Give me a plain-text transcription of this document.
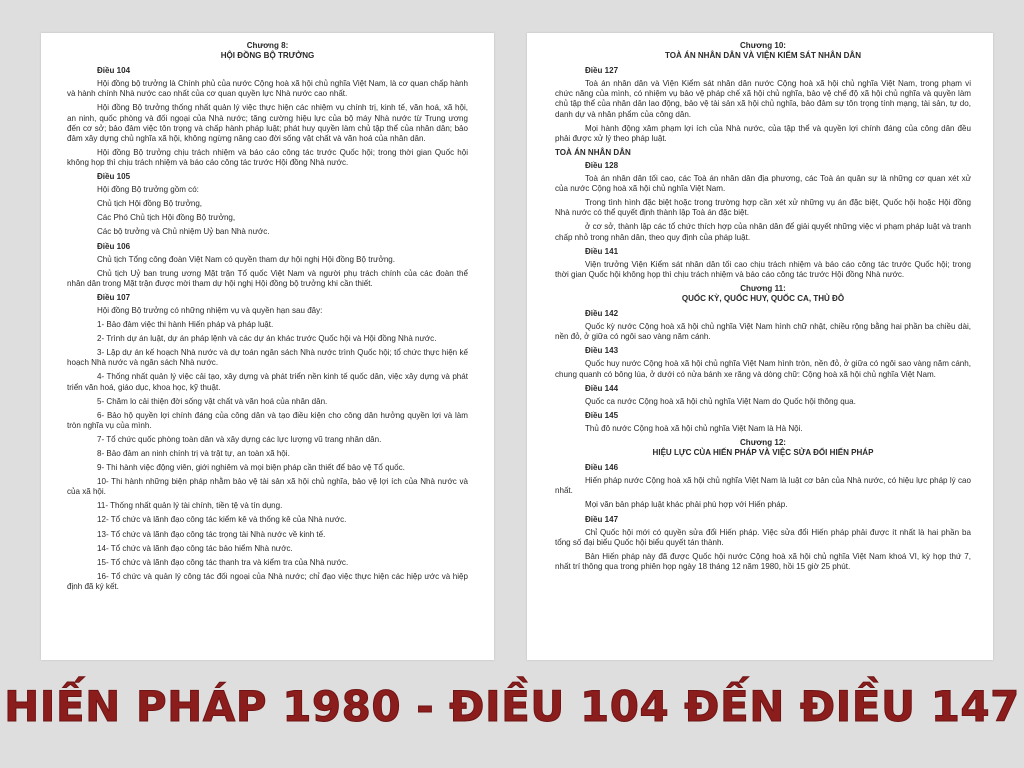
Chương 8:
HỘI ĐỒNG BỘ TRƯỞNG
Điều 104
Hội đồng bộ trưởng là Chính phủ của nước Cộng hoà xã hội chủ nghĩa Việt Nam, là cơ quan chấp hành và hành chính Nhà nước cao nhất của cơ quan quyền lực Nhà nước cao nhất.
Hội đồng Bộ trưởng thống nhất quản lý việc thực hiện các nhiệm vụ chính trị, kinh tế, văn hoá, xã hội, an ninh, quốc phòng và đối ngoại của Nhà nước; tăng cường hiệu lực của bộ máy Nhà nước từ Trung ương đến cơ sở; bảo đảm việc tôn trọng và chấp hành pháp luật; phát huy quyền làm chủ tập thể của nhân dân; bảo đảm xây dựng chủ nghĩa xã hội, không ngừng nâng cao đời sống vật chất và văn hoá của nhân dân.
Hội đồng Bộ trưởng chịu trách nhiệm và báo cáo công tác trước Quốc hội; trong thời gian Quốc hội không họp thì chịu trách nhiệm và báo cáo công tác trước Hội đồng Nhà nước.
Điều 105
Hội đồng Bộ trưởng gồm có:
Chủ tịch Hội đồng Bộ trưởng,
Các Phó Chủ tịch Hội đồng Bộ trưởng,
Các bộ trưởng và Chủ nhiệm Uỷ ban Nhà nước.
Điều 106
Chủ tịch Tổng công đoàn Việt Nam có quyền tham dự hội nghị Hội đồng Bộ trưởng.
Chủ tịch Uỷ ban trung ương Mặt trận Tổ quốc Việt Nam và người phụ trách chính của các đoàn thể nhân dân trong Mặt trận được mời tham dự hội nghị Hội đồng bộ trưởng khi cần thiết.
Điều 107
Hội đồng Bộ trưởng có những nhiệm vụ và quyền hạn sau đây:
1- Bảo đảm việc thi hành Hiến pháp và pháp luật.
2- Trình dự án luật, dự án pháp lệnh và các dự án khác trước Quốc hội và Hội đồng Nhà nước.
3- Lập dự án kế hoạch Nhà nước và dự toán ngân sách Nhà nước trình Quốc hội; tổ chức thực hiện kế hoạch Nhà nước và ngân sách Nhà nước.
4- Thống nhất quản lý việc cải tạo, xây dựng và phát triển nền kinh tế quốc dân, việc xây dựng và phát triển văn hoá, giáo dục, khoa học, kỹ thuật.
5- Chăm lo cải thiện đời sống vật chất và văn hoá của nhân dân.
6- Bảo hộ quyền lợi chính đáng của công dân và tạo điều kiện cho công dân hưởng quyền lợi và làm tròn nghĩa vụ của mình.
7- Tổ chức quốc phòng toàn dân và xây dựng các lực lượng vũ trang nhân dân.
8- Bảo đảm an ninh chính trị và trật tự, an toàn xã hội.
9- Thi hành việc động viên, giới nghiêm và mọi biện pháp cần thiết để bảo vệ Tổ quốc.
10- Thi hành những biện pháp nhằm bảo vệ tài sản xã hội chủ nghĩa, bảo vệ lợi ích của Nhà nước và của xã hội.
11- Thống nhất quản lý tài chính, tiền tệ và tín dụng.
12- Tổ chức và lãnh đạo công tác kiểm kê và thống kê của Nhà nước.
13- Tổ chức và lãnh đạo công tác trọng tài Nhà nước về kinh tế.
14- Tổ chức và lãnh đạo công tác bảo hiểm Nhà nước.
15- Tổ chức và lãnh đạo công tác thanh tra và kiểm tra của Nhà nước.
16- Tổ chức và quản lý công tác đối ngoại của Nhà nước; chỉ đạo việc thực hiện các hiệp ước và hiệp định đã ký kết.
Chương 10:
TOÀ ÁN NHÂN DÂN VÀ VIỆN KIỂM SÁT NHÂN DÂN
Điều 127
Toà án nhân dân và Viện Kiểm sát nhân dân nước Cộng hoà xã hội chủ nghĩa Việt Nam, trong phạm vi chức năng của mình, có nhiệm vụ bảo vệ pháp chế xã hội chủ nghĩa, bảo vệ chế độ xã hội chủ nghĩa và quyền làm chủ tập thể của nhân dân lao động, bảo vệ tài sản xã hội chủ nghĩa, bảo đảm sự tôn trọng tính mạng, tài sản, tự do, danh dự và nhân phẩm của công dân.
Mọi hành động xâm phạm lợi ích của Nhà nước, của tập thể và quyền lợi chính đáng của công dân đều phải được xử lý theo pháp luật.
TOÀ ÁN NHÂN DÂN
Điều 128
Toà án nhân dân tối cao, các Toà án nhân dân địa phương, các Toà án quân sự là những cơ quan xét xử của nước Cộng hoà xã hội chủ nghĩa Việt Nam.
Trong tình hình đặc biệt hoặc trong trường hợp cần xét xử những vụ án đặc biệt, Quốc hội hoặc Hội đồng Nhà nước có thể quyết định thành lập Toà án đặc biệt.
ở cơ sở, thành lập các tổ chức thích hợp của nhân dân để giải quyết những việc vi phạm pháp luật và tranh chấp nhỏ trong nhân dân, theo quy định của pháp luật.
Điều 141
Viện trưởng Viện Kiểm sát nhân dân tối cao chịu trách nhiệm và báo cáo công tác trước Quốc hội; trong thời gian Quốc hội không họp thì chịu trách nhiệm và báo cáo công tác trước Hội đồng Nhà nước.
Chương 11:
QUỐC KỲ, QUỐC HUY, QUỐC CA, THỦ ĐÔ
Điều 142
Quốc kỳ nước Cộng hoà xã hội chủ nghĩa Việt Nam hình chữ nhật, chiều rộng bằng hai phần ba chiều dài, nền đỏ, ở giữa có ngôi sao vàng năm cánh.
Điều 143
Quốc huy nước Cộng hoà xã hội chủ nghĩa Việt Nam hình tròn, nền đỏ, ở giữa có ngôi sao vàng năm cánh, chung quanh có bông lúa, ở dưới có nửa bánh xe răng và dòng chữ: Cộng hoà xã hội chủ nghĩa Việt Nam.
Điều 144
Quốc ca nước Cộng hoà xã hội chủ nghĩa Việt Nam do Quốc hội thông qua.
Điều 145
Thủ đô nước Cộng hoà xã hội chủ nghĩa Việt Nam là Hà Nội.
Chương 12:
HIỆU LỰC CỦA HIẾN PHÁP VÀ VIỆC SỬA ĐỔI HIẾN PHÁP
Điều 146
Hiến pháp nước Cộng hoà xã hội chủ nghĩa Việt Nam là luật cơ bản của Nhà nước, có hiệu lực pháp lý cao nhất.
Mọi văn bản pháp luật khác phải phù hợp với Hiến pháp.
Điều 147
Chỉ Quốc hội mới có quyền sửa đổi Hiến pháp. Việc sửa đổi Hiến pháp phải được ít nhất là hai phần ba tổng số đại biểu Quốc hội biểu quyết tán thành.
Bản Hiến pháp này đã được Quốc hội nước Cộng hoà xã hội chủ nghĩa Việt Nam khoá VI, kỳ họp thứ 7, nhất trí thông qua trong phiên họp ngày 18 tháng 12 năm 1980, hồi 15 giờ 25 phút.
HIẾN PHÁP 1980 - ĐIỀU 104 ĐẾN ĐIỀU 147
